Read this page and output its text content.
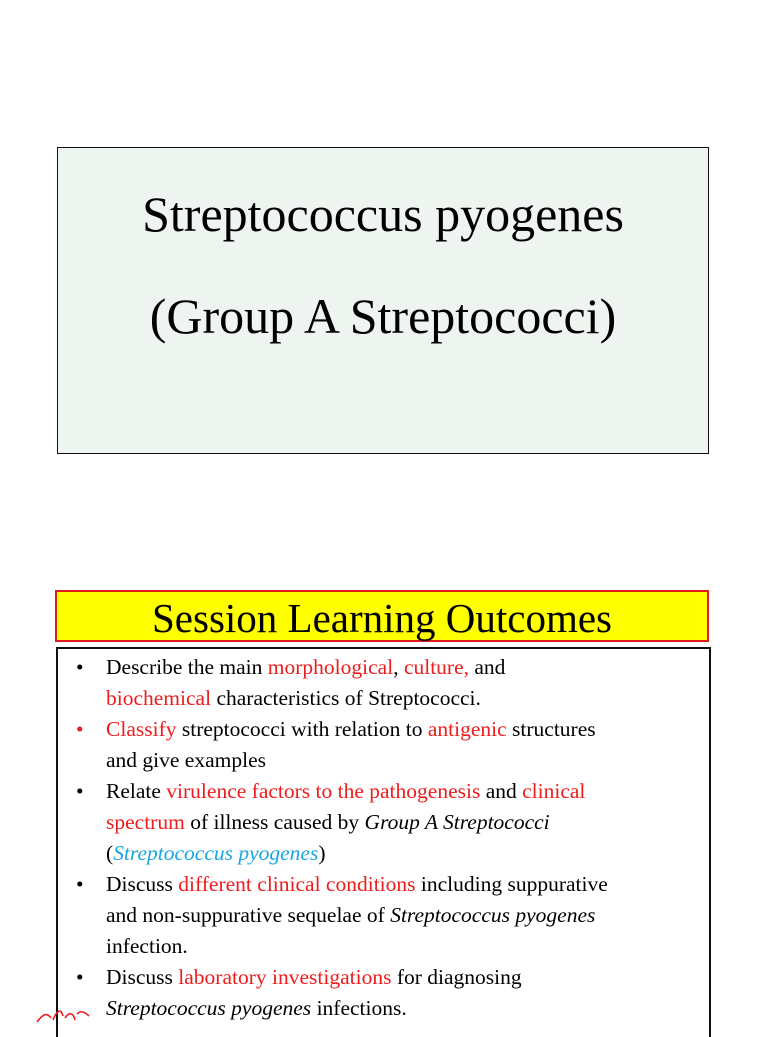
Streptococcus pyogenes
(Group A Streptococci)
Session Learning Outcomes
• Describe the main morphological, culture, and
biochemical characteristics of Streptococci.
• Classify streptococci with relation to antigenic structures
and give examples
• Relate virulence factors to the pathogenesis and clinical
spectrum of illness caused by Group A Streptococci
(Streptococcus pyogenes)
• Discuss different clinical conditions including suppurative
and non-suppurative sequelae of Streptococcus pyogenes
infection.
• Discuss laboratory investigations for diagnosing
Streptococcus pyogenes infections.
